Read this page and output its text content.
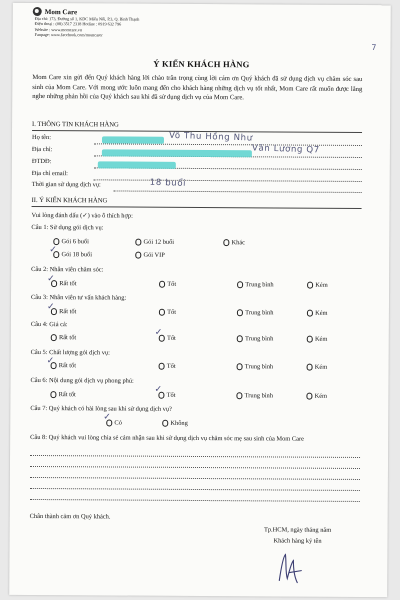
Mom Care
Địa chỉ: 173, Đường số 1, KDC Miếu Nổi, P.3, Q. Bình Thạnh
Điện thoại : (08) 3517 2318 Hotline : 0919 632 796
Website : www.momcare.vn
Fanpage: www.facebook.com/momcarer
7
Ý KIẾN KHÁCH HÀNG
Mom Care xin gửi đến Quý khách hàng lời chào trân trọng cùng lời cám ơn Quý khách đã sử dụng dịch vụ chăm sóc sau sinh của Mom Care. Với mong ước luôn mang đến cho khách hàng những dịch vụ tốt nhất, Mom Care rất muốn được lắng nghe những phản hồi của Quý khách sau khi đã sử dụng dịch vụ của Mom Care.
I. THÔNG TIN KHÁCH HÀNG
Họ tên:	Võ Thu Hồng Như
Địa chỉ:	Văn Lương Q7
ĐTDĐ:
Địa chỉ email:
Thời gian sử dụng dịch vụ:	18 buổi
II. Ý KIẾN KHÁCH HÀNG
Vui lòng đánh dấu (✓) vào ô thích hợp:
Câu 1: Sử dụng gói dịch vụ:
Gói 6 buổi	Gói 12 buổi	Khác
Gói 18 buổi	Gói VIP
✓
Câu 2: Nhân viên chăm sóc:
Rất tốt	Tốt	Trung bình	Kém
✓
Câu 3: Nhân viên tư vấn khách hàng:
Rất tốt	Tốt	Trung bình	Kém
✓
Câu 4: Giá cả:
Rất tốt	Tốt	Trung bình	Kém
✓
Câu 5: Chất lượng gói dịch vụ:
Rất tốt	Tốt	Trung bình	Kém
✓
Câu 6: Nội dung gói dịch vụ phong phú:
Rất tốt	Tốt	Trung bình	Kém
✓
Câu 7: Quý khách có hài lòng sau khi sử dụng dịch vụ?
Có	Không
✓
Câu 8: Quý khách vui lòng chia sẻ cảm nhận sau khi sử dụng dịch vụ chăm sóc mẹ sau sinh của Mom Care
Chân thành cảm ơn Quý khách.
Tp.HCM, ngày tháng năm
Khách hàng ký tên
